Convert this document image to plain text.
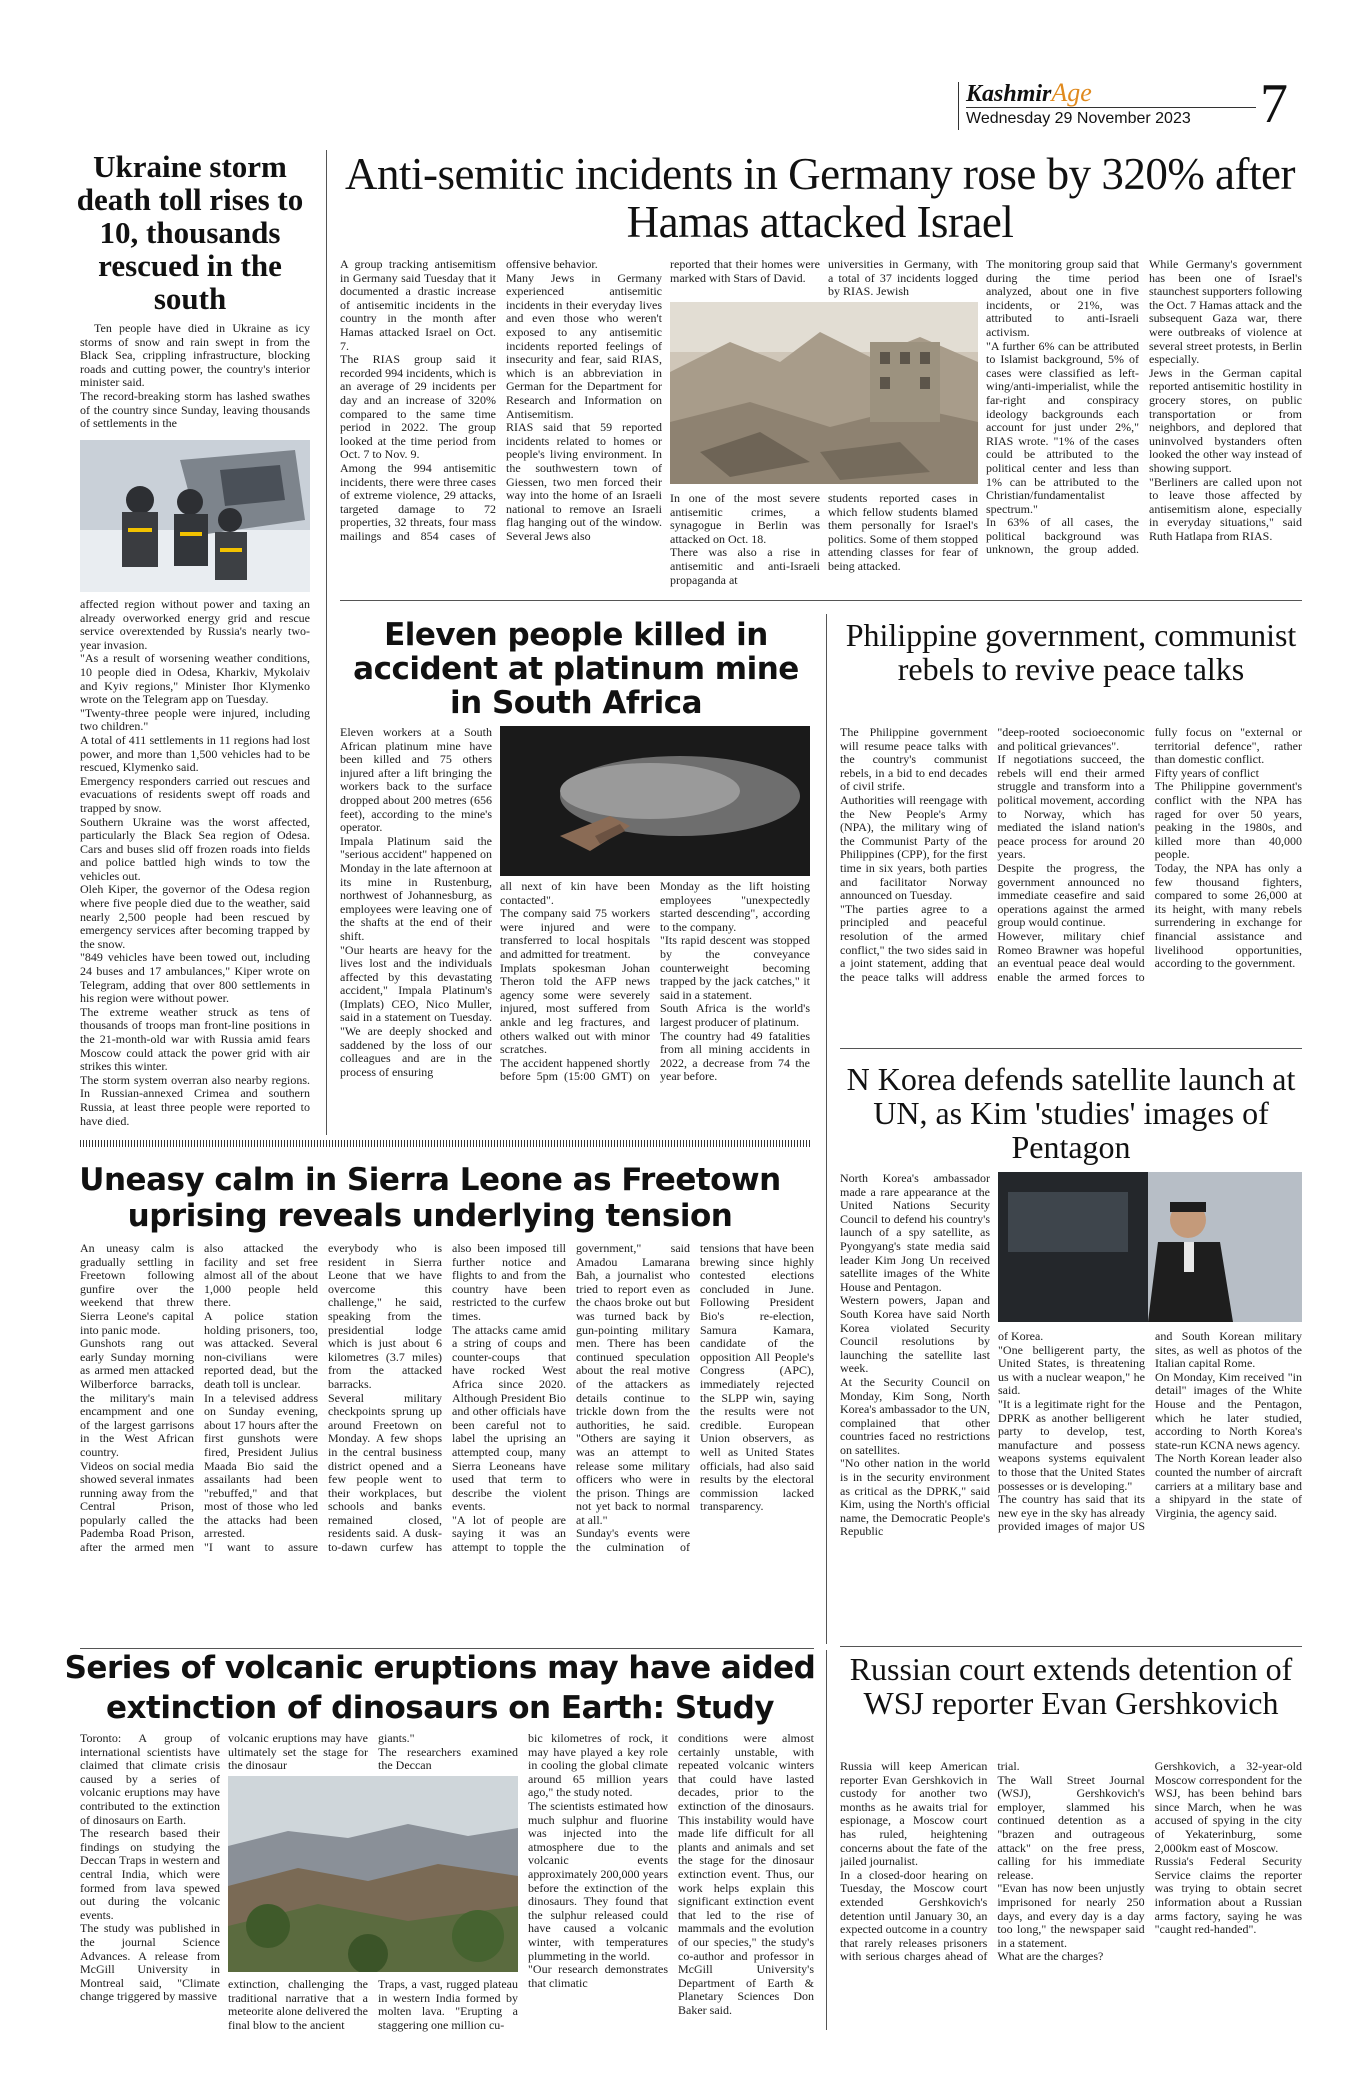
KashmirAge
Wednesday 29 November 2023 7
Ukraine storm death toll rises to 10, thousands rescued in the south
Ten people have died in Ukraine as icy storms of snow and rain swept in from the Black Sea, crippling infrastructure, blocking roads and cutting power, the country's interior minister said.
The record-breaking storm has lashed swathes of the country since Sunday, leaving thousands of settlements in the
affected region without power and taxing an already overworked energy grid and rescue service overextended by Russia's nearly two-year invasion.
"As a result of worsening weather conditions, 10 people died in Odesa, Kharkiv, Mykolaiv and Kyiv regions," Minister Ihor Klymenko wrote on the Telegram app on Tuesday.
"Twenty-three people were injured, including two children."
A total of 411 settlements in 11 regions had lost power, and more than 1,500 vehicles had to be rescued, Klymenko said.
Emergency responders carried out rescues and evacuations of residents swept off roads and trapped by snow.
Southern Ukraine was the worst affected, particularly the Black Sea region of Odesa. Cars and buses slid off frozen roads into fields and police battled high winds to tow the vehicles out.
Oleh Kiper, the governor of the Odesa region where five people died due to the weather, said nearly 2,500 people had been rescued by emergency services after becoming trapped by the snow.
"849 vehicles have been towed out, including 24 buses and 17 ambulances," Kiper wrote on Telegram, adding that over 800 settlements in his region were without power.
The extreme weather struck as tens of thousands of troops man front-line positions in the 21-month-old war with Russia amid fears Moscow could attack the power grid with air strikes this winter.
The storm system overran also nearby regions. In Russian-annexed Crimea and southern Russia, at least three people were reported to have died.
Anti-semitic incidents in Germany rose by 320% after Hamas attacked Israel
A group tracking antisemitism in Germany said Tuesday that it documented a drastic increase of antisemitic incidents in the country in the month after Hamas attacked Israel on Oct. 7.
The RIAS group said it recorded 994 incidents, which is an average of 29 incidents per day and an increase of 320% compared to the same time period in 2022. The group looked at the time period from Oct. 7 to Nov. 9.
Among the 994 antisemitic incidents, there were three cases of extreme violence, 29 attacks, targeted damage to 72 properties, 32 threats, four mass mailings and 854 cases of offensive behavior.
Many Jews in Germany experienced antisemitic incidents in their everyday lives and even those who weren't exposed to any antisemitic incidents reported feelings of insecurity and fear, said RIAS, which is an abbreviation in German for the Department for Research and Information on Antisemitism.
RIAS said that 59 reported incidents related to homes or people's living environment. In the southwestern town of Giessen, two men forced their way into the home of an Israeli national to remove an Israeli flag hanging out of the window. Several Jews also
reported that their homes were marked with Stars of David.
universities in Germany, with a total of 37 incidents logged by RIAS. Jewish
In one of the most severe antisemitic crimes, a synagogue in Berlin was attacked on Oct. 18.
There was also a rise in antisemitic and anti-Israeli propaganda at
students reported cases in which fellow students blamed them personally for Israel's politics. Some of them stopped attending classes for fear of being attacked.
The monitoring group said that during the time period analyzed, about one in five incidents, or 21%, was attributed to anti-Israeli activism.
"A further 6% can be attributed to Islamist background, 5% of cases were classified as left-wing/anti-imperialist, while the far-right and conspiracy ideology backgrounds each account for just under 2%," RIAS wrote. "1% of the cases could be attributed to the political center and less than 1% can be attributed to the Christian/fundamentalist spectrum."
In 63% of all cases, the political background was unknown, the group added. While Germany's government has been one of Israel's staunchest supporters following the Oct. 7 Hamas attack and the subsequent Gaza war, there were outbreaks of violence at several street protests, in Berlin especially.
Jews in the German capital reported antisemitic hostility in grocery stores, on public transportation or from neighbors, and deplored that uninvolved bystanders often looked the other way instead of showing support.
"Berliners are called upon not to leave those affected by antisemitism alone, especially in everyday situations," said Ruth Hatlapa from RIAS.
Eleven people killed in accident at platinum mine in South Africa
Eleven workers at a South African platinum mine have been killed and 75 others injured after a lift bringing the workers back to the surface dropped about 200 metres (656 feet), according to the mine's operator.
Impala Platinum said the "serious accident" happened on Monday in the late afternoon at its mine in Rustenburg, northwest of Johannesburg, as employees were leaving one of the shafts at the end of their shift.
"Our hearts are heavy for the lives lost and the individuals affected by this devastating accident," Impala Platinum's (Implats) CEO, Nico Muller, said in a statement on Tuesday. "We are deeply shocked and saddened by the loss of our colleagues and are in the process of ensuring
all next of kin have been contacted".
The company said 75 workers were injured and were transferred to local hospitals and admitted for treatment.
Implats spokesman Johan Theron told the AFP news agency some were severely injured, most suffered from ankle and leg fractures, and others walked out with minor scratches.
The accident happened shortly before 5pm (15:00 GMT) on Monday as the lift hoisting employees "unexpectedly started descending", according to the company.
"Its rapid descent was stopped by the conveyance counterweight becoming trapped by the jack catches," it said in a statement.
South Africa is the world's largest producer of platinum.
The country had 49 fatalities from all mining accidents in 2022, a decrease from 74 the year before.
Philippine government, communist rebels to revive peace talks
The Philippine government will resume peace talks with the country's communist rebels, in a bid to end decades of civil strife.
Authorities will reengage with the New People's Army (NPA), the military wing of the Communist Party of the Philippines (CPP), for the first time in six years, both parties and facilitator Norway announced on Tuesday.
"The parties agree to a principled and peaceful resolution of the armed conflict," the two sides said in a joint statement, adding that the peace talks will address "deep-rooted socioeconomic and political grievances".
If negotiations succeed, the rebels will end their armed struggle and transform into a political movement, according to Norway, which has mediated the island nation's peace process for around 20 years.
Despite the progress, the government announced no immediate ceasefire and said operations against the armed group would continue.
However, military chief Romeo Brawner was hopeful an eventual peace deal would enable the armed forces to fully focus on "external or territorial defence", rather than domestic conflict.
Fifty years of conflict
The Philippine government's conflict with the NPA has raged for over 50 years, peaking in the 1980s, and killed more than 40,000 people.
Today, the NPA has only a few thousand fighters, compared to some 26,000 at its height, with many rebels surrendering in exchange for financial assistance and livelihood opportunities, according to the government.
N Korea defends satellite launch at UN, as Kim 'studies' images of Pentagon
North Korea's ambassador made a rare appearance at the United Nations Security Council to defend his country's launch of a spy satellite, as Pyongyang's state media said leader Kim Jong Un received satellite images of the White House and Pentagon.
Western powers, Japan and South Korea have said North Korea violated Security Council resolutions by launching the satellite last week.
At the Security Council on Monday, Kim Song, North Korea's ambassador to the UN, complained that other countries faced no restrictions on satellites.
"No other nation in the world is in the security environment as critical as the DPRK," said Kim, using the North's official name, the Democratic People's Republic
of Korea.
"One belligerent party, the United States, is threatening us with a nuclear weapon," he said.
"It is a legitimate right for the DPRK as another belligerent party to develop, test, manufacture and possess weapons systems equivalent to those that the United States possesses or is developing."
The country has said that its new eye in the sky has already provided images of major US and South Korean military sites, as well as photos of the Italian capital Rome.
On Monday, Kim received "in detail" images of the White House and the Pentagon, which he later studied, according to North Korea's state-run KCNA news agency.
The North Korean leader also counted the number of aircraft carriers at a military base and a shipyard in the state of Virginia, the agency said.
Uneasy calm in Sierra Leone as Freetown uprising reveals underlying tension
An uneasy calm is gradually settling in Freetown following gunfire over the weekend that threw Sierra Leone's capital into panic mode.
Gunshots rang out early Sunday morning as armed men attacked Wilberforce barracks, the military's main encampment and one of the largest garrisons in the West African country.
Videos on social media showed several inmates running away from the Central Prison, popularly called the Pademba Road Prison, after the armed men also attacked the facility and set free almost all of the about 1,000 people held there.
A police station holding prisoners, too, was attacked. Several non-civilians were reported dead, but the death toll is unclear.
In a televised address on Sunday evening, about 17 hours after the first gunshots were fired, President Julius Maada Bio said the assailants had been "rebuffed," and that most of those who led the attacks had been arrested.
"I want to assure everybody who is resident in Sierra Leone that we have overcome this challenge," he said, speaking from the presidential lodge which is just about 6 kilometres (3.7 miles) from the attacked barracks.
Several military checkpoints sprung up around Freetown on Monday. A few shops in the central business district opened and a few people went to their workplaces, but schools and banks remained closed, residents said. A dusk-to-dawn curfew has also been imposed till further notice and flights to and from the country have been restricted to the curfew times.
The attacks came amid a string of coups and counter-coups that have rocked West Africa since 2020. Although President Bio and other officials have been careful not to label the uprising an attempted coup, many Sierra Leoneans have used that term to describe the violent events.
"A lot of people are saying it was an attempt to topple the government," said Amadou Lamarana Bah, a journalist who tried to report even as the chaos broke out but was turned back by gun-pointing military men. There has been continued speculation about the real motive of the attackers as details continue to trickle down from the authorities, he said. "Others are saying it was an attempt to release some military officers who were in the prison. Things are not yet back to normal at all."
Sunday's events were the culmination of tensions that have been brewing since highly contested elections concluded in June. Following President Bio's re-election, Samura Kamara, candidate of the opposition All People's Congress (APC), immediately rejected the SLPP win, saying the results were not credible. European Union observers, as well as United States officials, had also said results by the electoral commission lacked transparency.
Series of volcanic eruptions may have aided extinction of dinosaurs on Earth: Study
Toronto: A group of international scientists have claimed that climate crisis caused by a series of volcanic eruptions may have contributed to the extinction of dinosaurs on Earth.
The research based their findings on studying the Deccan Traps in western and central India, which were formed from lava spewed out during the volcanic events.
The study was published in the journal Science Advances. A release from McGill University in Montreal said, "Climate change triggered by massive
volcanic eruptions may have ultimately set the stage for the dinosaur
giants."
The researchers examined the Deccan
extinction, challenging the traditional narrative that a meteorite alone delivered the final blow to the ancient
Traps, a vast, rugged plateau in western India formed by molten lava. "Erupting a staggering one million cu-
bic kilometres of rock, it may have played a key role in cooling the global climate around 65 million years ago," the study noted.
The scientists estimated how much sulphur and fluorine was injected into the atmosphere due to the volcanic events approximately 200,000 years before the extinction of the dinosaurs. They found that the sulphur released could have caused a volcanic winter, with temperatures plummeting in the world.
"Our research demonstrates that climatic
conditions were almost certainly unstable, with repeated volcanic winters that could have lasted decades, prior to the extinction of the dinosaurs. This instability would have made life difficult for all plants and animals and set the stage for the dinosaur extinction event. Thus, our work helps explain this significant extinction event that led to the rise of mammals and the evolution of our species," the study's co-author and professor in McGill University's Department of Earth & Planetary Sciences Don Baker said.
Russian court extends detention of WSJ reporter Evan Gershkovich
Russia will keep American reporter Evan Gershkovich in custody for another two months as he awaits trial for espionage, a Moscow court has ruled, heightening concerns about the fate of the jailed journalist.
In a closed-door hearing on Tuesday, the Moscow court extended Gershkovich's detention until January 30, an expected outcome in a country that rarely releases prisoners with serious charges ahead of trial.
The Wall Street Journal (WSJ), Gershkovich's employer, slammed his continued detention as a "brazen and outrageous attack" on the free press, calling for his immediate release.
"Evan has now been unjustly imprisoned for nearly 250 days, and every day is a day too long," the newspaper said in a statement.
What are the charges?
Gershkovich, a 32-year-old Moscow correspondent for the WSJ, has been behind bars since March, when he was accused of spying in the city of Yekaterinburg, some 2,000km east of Moscow.
Russia's Federal Security Service claims the reporter was trying to obtain secret information about a Russian arms factory, saying he was "caught red-handed".
